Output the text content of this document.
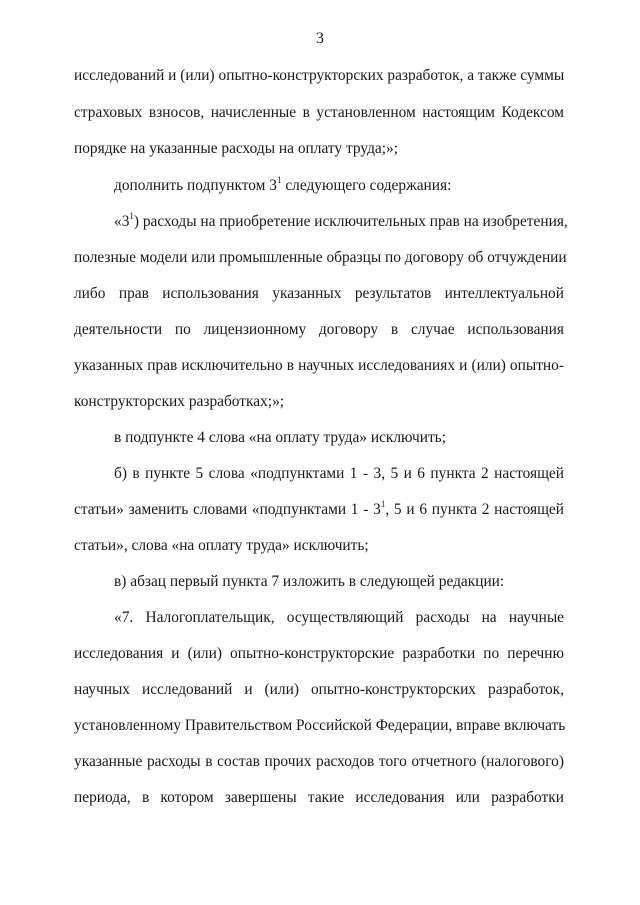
3
исследований и (или) опытно-конструкторских разработок, а также суммы
страховых взносов, начисленные в установленном настоящим Кодексом
порядке на указанные расходы на оплату труда;»;
дополнить подпунктом $3^1$ следующего содержания:
«$3^1$) расходы на приобретение исключительных прав на изобретения,
полезные модели или промышленные образцы по договору об отчуждении
либо прав использования указанных результатов интеллектуальной
деятельности по лицензионному договору в случае использования
указанных прав исключительно в научных исследованиях и (или) опытно-
конструкторских разработках;»;
в подпункте 4 слова «на оплату труда» исключить;
б) в пункте 5 слова «подпунктами 1 - 3, 5 и 6 пункта 2 настоящей
статьи» заменить словами «подпунктами $1 - 3^1$, 5 и 6 пункта 2 настоящей
статьи», слова «на оплату труда» исключить;
в) абзац первый пункта 7 изложить в следующей редакции:
«7. Налогоплательщик, осуществляющий расходы на научные
исследования и (или) опытно-конструкторские разработки по перечню
научных исследований и (или) опытно-конструкторских разработок,
установленному Правительством Российской Федерации, вправе включать
указанные расходы в состав прочих расходов того отчетного (налогового)
периода, в котором завершены такие исследования или разработки
